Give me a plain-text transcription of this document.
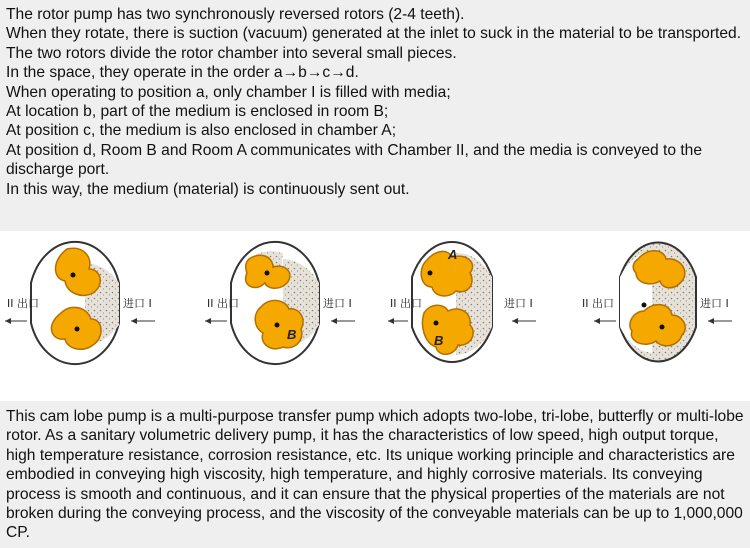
The rotor pump has two synchronously reversed rotors (2-4 teeth).

When they rotate, there is suction (vacuum) generated at the inlet to suck in the material to be transported.

The two rotors divide the rotor chamber into several small pieces.

In the space, they operate in the order a→b→c→d.

When operating to position a, only chamber I is filled with media;

At location b, part of the medium is enclosed in room B;

At position c, the medium is also enclosed in chamber A;

At position d, Room B and Room A communicates with Chamber II, and the media is conveyed to the discharge port.

In this way, the medium (material) is continuously sent out.

II 出口	进口 I
B
II 出口	进口 I
A
B
II 出口	进口 I	II 出口	进口 I

This cam lobe pump is a multi-purpose transfer pump which adopts two-lobe, tri-lobe, butterfly or multi-lobe rotor. As a sanitary volumetric delivery pump, it has the characteristics of low speed, high output torque, high temperature resistance, corrosion resistance, etc. Its unique working principle and characteristics are embodied in conveying high viscosity, high temperature, and highly corrosive materials. Its conveying process is smooth and continuous, and it can ensure that the physical properties of the materials are not broken during the conveying process, and the viscosity of the conveyable materials can be up to 1,000,000 CP.
